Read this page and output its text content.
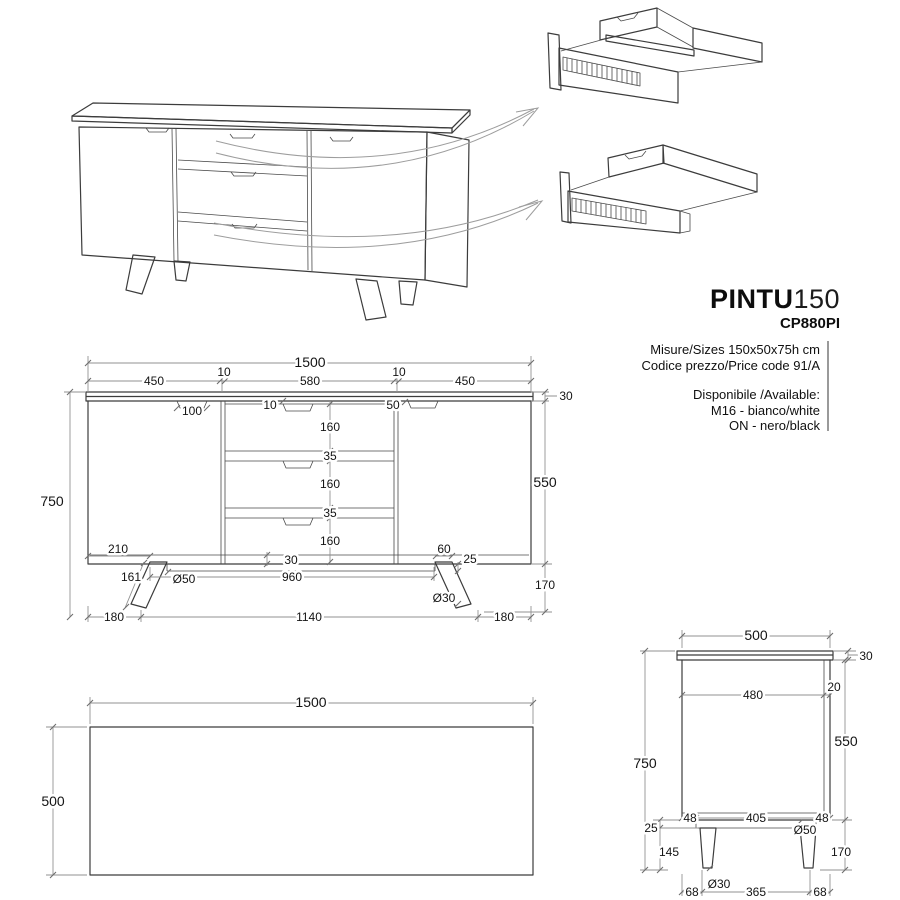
1500
450
10
580
10
450
30
100	10	50
160
35
160
35
160
550
750
210
161	Ø50
30
960
60
25
170
Ø30
180	1140	180
1500
500
500
30
480
20
550
750
48	405	48
Ø50
25
145	170
Ø30
68	365	68
PINTU150
CP880PI
Misure/Sizes 150x50x75h cm
Codice prezzo/Price code 91/A
Disponibile /Available:
M16 - bianco/white
ON - nero/black
